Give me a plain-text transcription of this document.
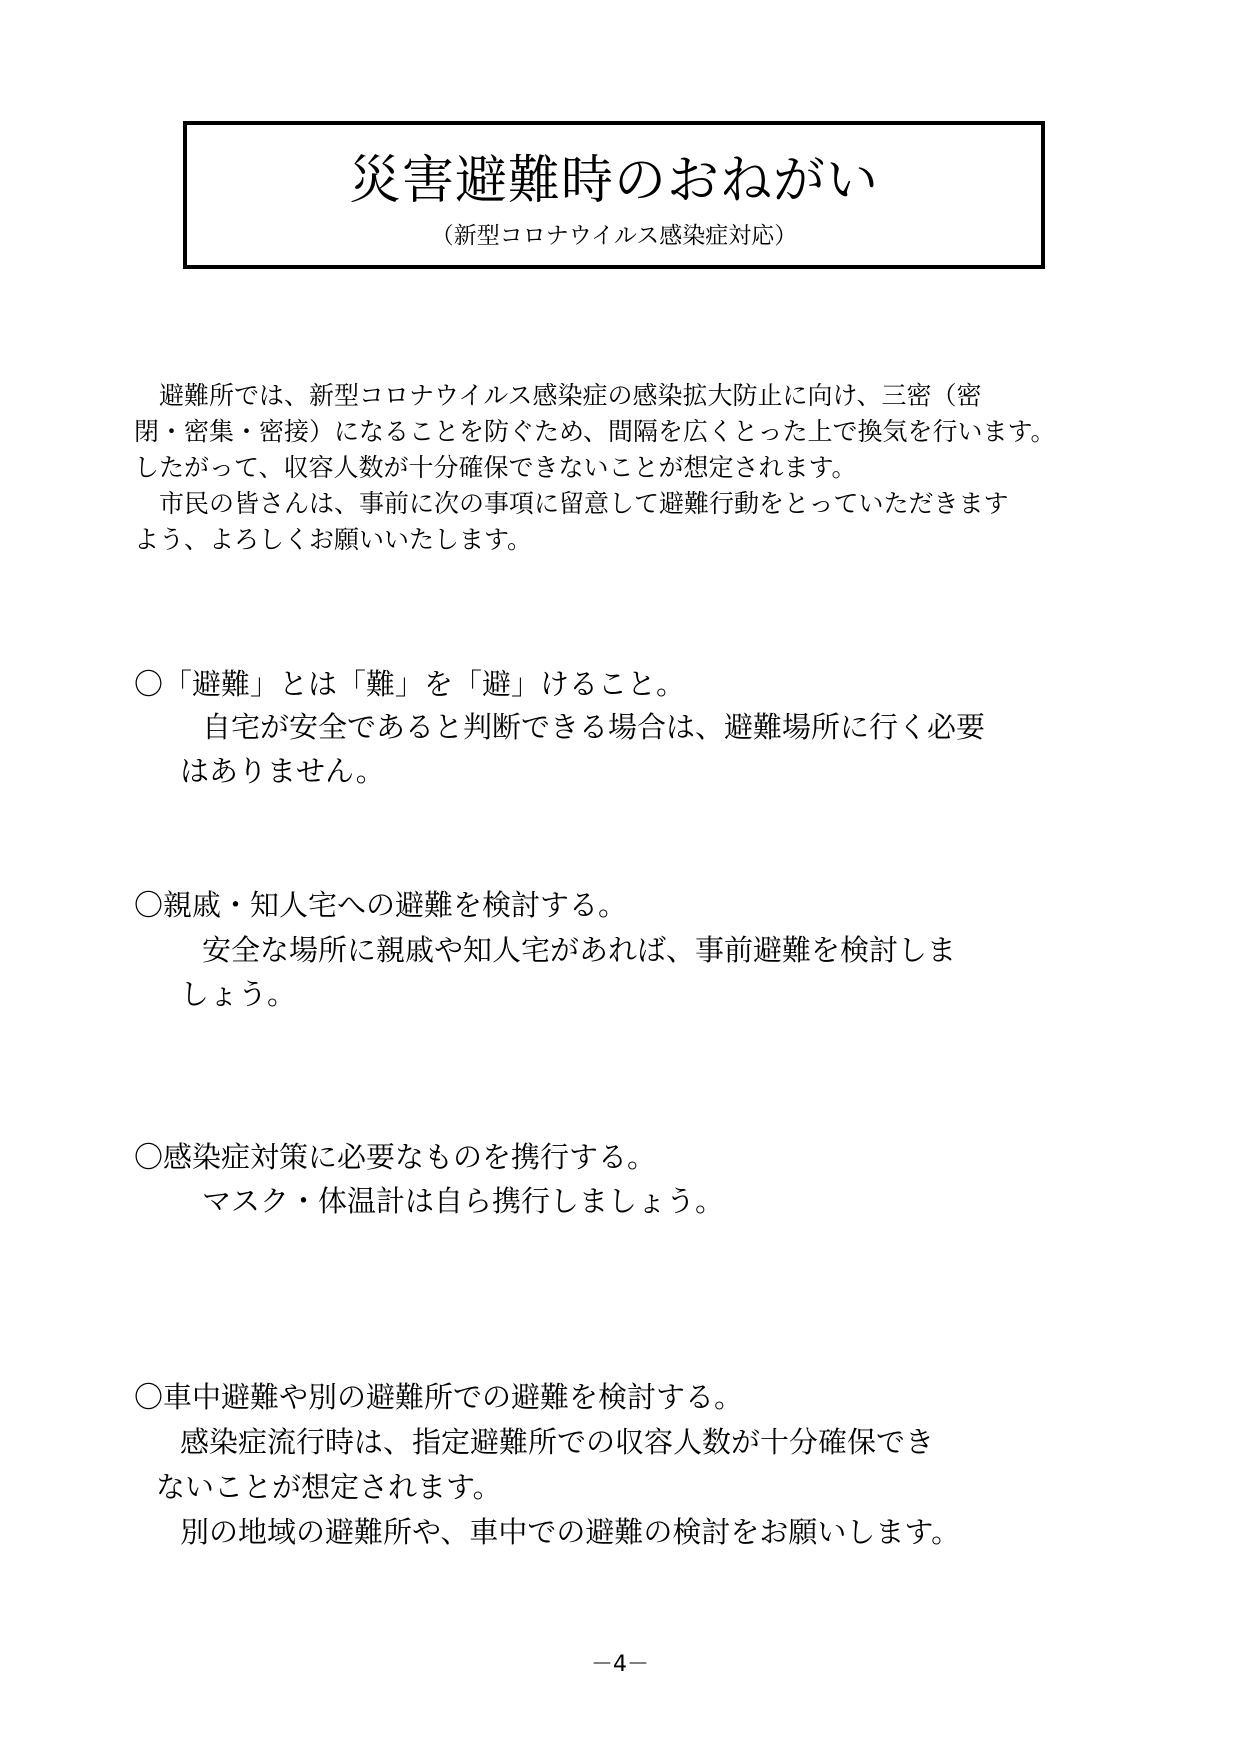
災害避難時のおねがい
（新型コロナウイルス感染症対応）

　避難所では、新型コロナウイルス感染症の感染拡大防止に向け、三密（密

閉・密集・密接）になることを防ぐため、間隔を広くとった上で換気を行います。

したがって、収容人数が十分確保できないことが想定されます。

　市民の皆さんは、事前に次の事項に留意して避難行動をとっていただきます

よう、よろしくお願いいたします。

〇「避難」とは「難」を「避」けること。
自宅が安全であると判断できる場合は、避難場所に行く必要
はありません。
〇親戚・知人宅への避難を検討する。
安全な場所に親戚や知人宅があれば、事前避難を検討しま
しょう。
〇感染症対策に必要なものを携行する。
マスク・体温計は自ら携行しましょう。
〇車中避難や別の避難所での避難を検討する。
感染症流行時は、指定避難所での収容人数が十分確保でき
ないことが想定されます。
別の地域の避難所や、車中での避難の検討をお願いします。
－4－
